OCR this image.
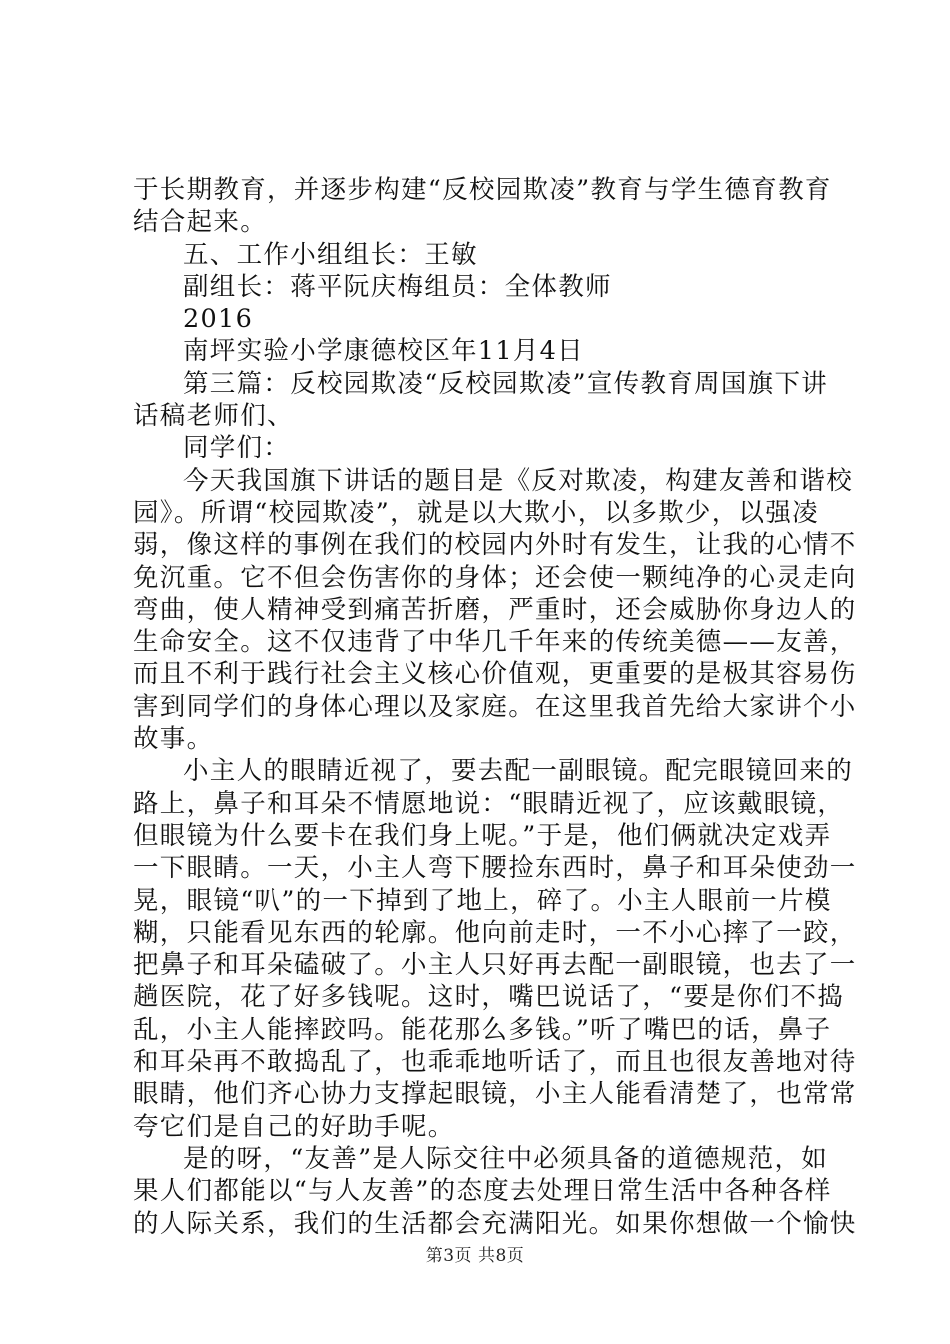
于长期教育，并逐步构建“反校园欺凌”教育与学生德育教育
结合起来。
五、工作小组组长：王敏
副组长：蒋平阮庆梅组员：全体教师
2016
南坪实验小学康德校区年11月4日
第三篇：反校园欺凌“反校园欺凌”宣传教育周国旗下讲
话稿老师们、
同学们：
今天我国旗下讲话的题目是《反对欺凌，构建友善和谐校
园》。所谓“校园欺凌”，就是以大欺小，以多欺少，以强凌
弱，像这样的事例在我们的校园内外时有发生，让我的心情不
免沉重。它不但会伤害你的身体；还会使一颗纯净的心灵走向
弯曲，使人精神受到痛苦折磨，严重时，还会威胁你身边人的
生命安全。这不仅违背了中华几千年来的传统美德——友善，
而且不利于践行社会主义核心价值观，更重要的是极其容易伤
害到同学们的身体心理以及家庭。在这里我首先给大家讲个小
故事。
小主人的眼睛近视了，要去配一副眼镜。配完眼镜回来的
路上，鼻子和耳朵不情愿地说：“眼睛近视了，应该戴眼镜，
但眼镜为什么要卡在我们身上呢。”于是，他们俩就决定戏弄
一下眼睛。一天，小主人弯下腰捡东西时，鼻子和耳朵使劲一
晃，眼镜“叭”的一下掉到了地上，碎了。小主人眼前一片模
糊，只能看见东西的轮廓。他向前走时，一不小心摔了一跤，
把鼻子和耳朵磕破了。小主人只好再去配一副眼镜，也去了一
趟医院，花了好多钱呢。这时，嘴巴说话了，“要是你们不捣
乱，小主人能摔跤吗。能花那么多钱。”听了嘴巴的话，鼻子
和耳朵再不敢捣乱了，也乖乖地听话了，而且也很友善地对待
眼睛，他们齐心协力支撑起眼镜，小主人能看清楚了，也常常
夸它们是自己的好助手呢。
是的呀，“友善”是人际交往中必须具备的道德规范，如
果人们都能以“与人友善”的态度去处理日常生活中各种各样
的人际关系，我们的生活都会充满阳光。如果你想做一个愉快
第3页 共8页
